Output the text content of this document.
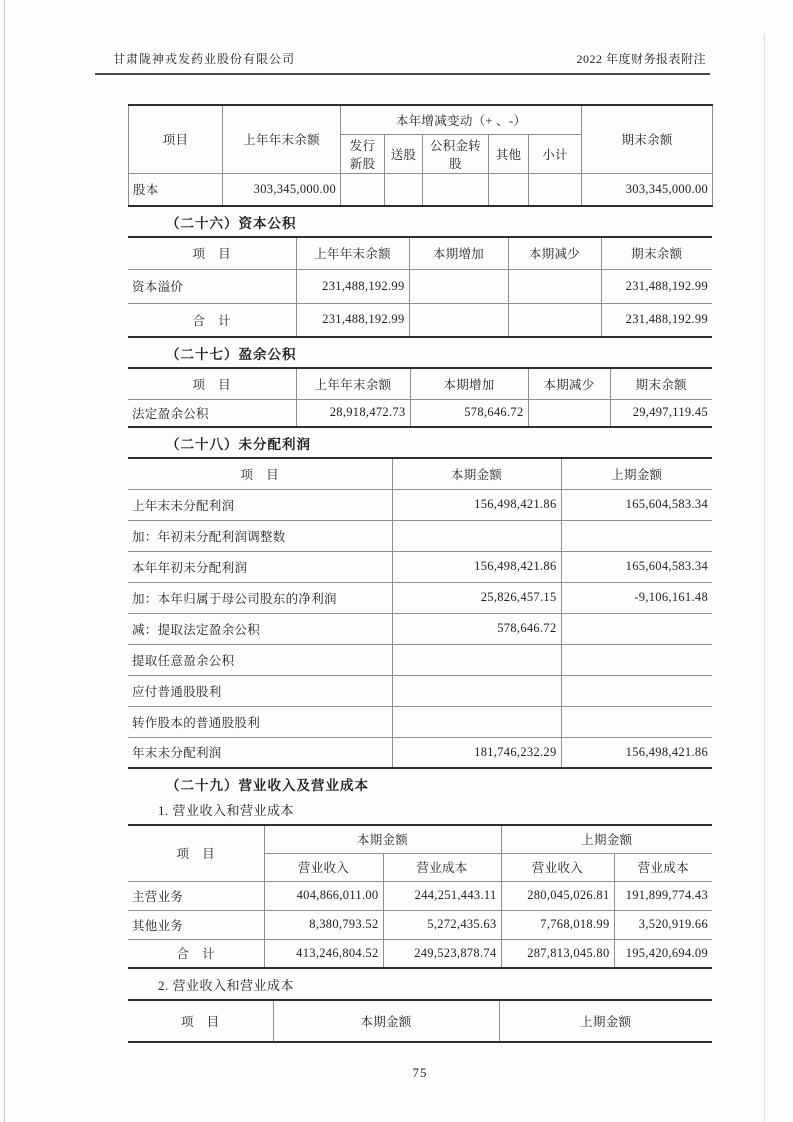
甘肃陇神戎发药业股份有限公司	2022 年度财务报表附注
项目	上年年末余额	本年增减变动（+ 、-）					期末余额
		发行新股	送股	公积金转股	其他	小计	
股本	303,345,000.00						303,345,000.00
（二十六）资本公积
项　目	上年年末余额	本期增加	本期减少	期末余额
资本溢价	231,488,192.99			231,488,192.99
合　计	231,488,192.99			231,488,192.99
（二十七）盈余公积
项　目	上年年末余额	本期增加	本期减少	期末余额
法定盈余公积	28,918,472.73	578,646.72		29,497,119.45
（二十八）未分配利润
项　目	本期金额	上期金额
上年末未分配利润	156,498,421.86	165,604,583.34
加：年初未分配利润调整数		
本年年初未分配利润	156,498,421.86	165,604,583.34
加：本年归属于母公司股东的净利润	25,826,457.15	-9,106,161.48
减：提取法定盈余公积	578,646.72	
提取任意盈余公积		
应付普通股股利		
转作股本的普通股股利		
年末未分配利润	181,746,232.29	156,498,421.86
（二十九）营业收入及营业成本
1. 营业收入和营业成本
项　目	本期金额		上期金额	
	营业收入	营业成本	营业收入	营业成本
主营业务	404,866,011.00	244,251,443.11	280,045,026.81	191,899,774.43
其他业务	8,380,793.52	5,272,435.63	7,768,018.99	3,520,919.66
合　计	413,246,804.52	249,523,878.74	287,813,045.80	195,420,694.09
2. 营业收入和营业成本
项　目	本期金额	上期金额
75
